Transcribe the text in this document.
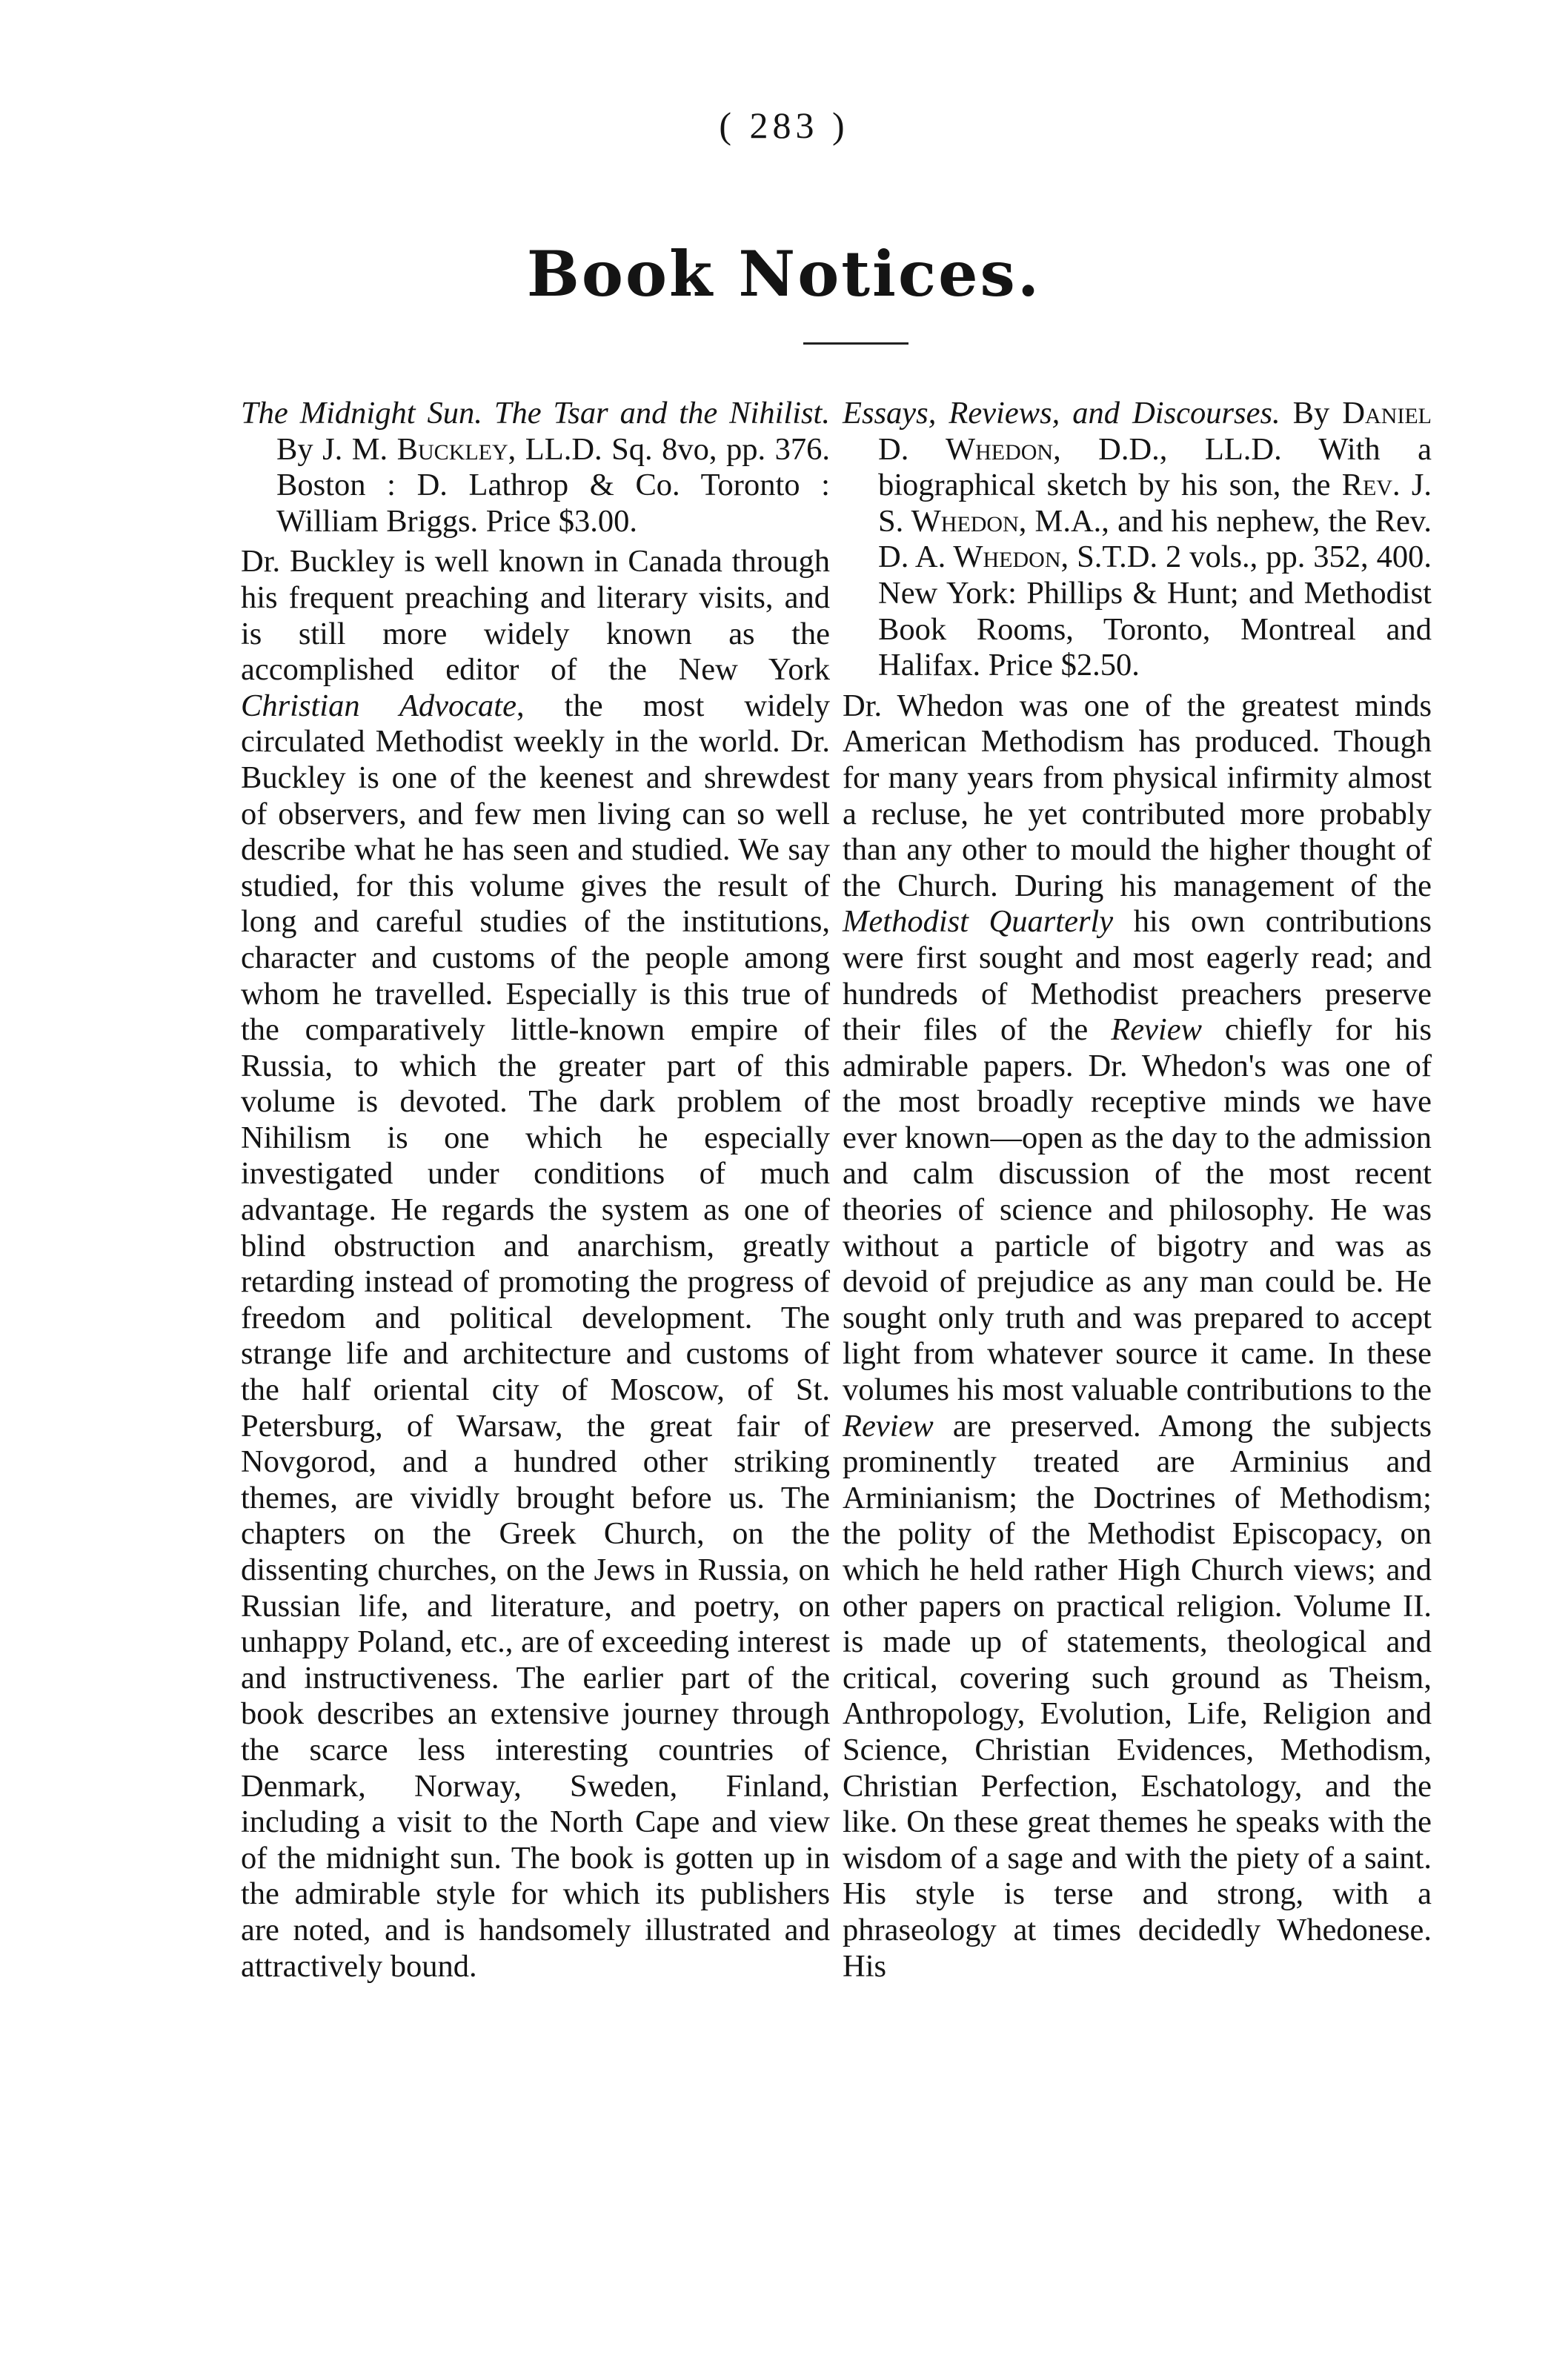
( 283 )
Book Notices.

The Midnight Sun. The Tsar and the Nihilist. By J. M. Buckley, LL.D. Sq. 8vo, pp. 376. Boston : D. Lathrop & Co. Toronto : William Briggs. Price $3.00.

Dr. Buckley is well known in Canada through his frequent preaching and literary visits, and is still more widely known as the accomplished editor of the New York Christian Advocate, the most widely circulated Methodist weekly in the world. Dr. Buckley is one of the keenest and shrewdest of observers, and few men living can so well describe what he has seen and studied. We say studied, for this volume gives the result of long and careful studies of the institutions, character and customs of the people among whom he travelled. Especially is this true of the comparatively little-known empire of Russia, to which the greater part of this volume is devoted. The dark problem of Nihilism is one which he especially investigated under conditions of much advantage. He regards the system as one of blind obstruction and anarchism, greatly retarding instead of promoting the progress of freedom and political development. The strange life and architecture and customs of the half oriental city of Moscow, of St. Petersburg, of Warsaw, the great fair of Novgorod, and a hundred other striking themes, are vividly brought before us. The chapters on the Greek Church, on the dissenting churches, on the Jews in Russia, on Russian life, and literature, and poetry, on unhappy Poland, etc., are of exceeding interest and instructiveness. The earlier part of the book describes an extensive journey through the scarce less interesting countries of Denmark, Norway, Sweden, Finland, including a visit to the North Cape and view of the midnight sun. The book is gotten up in the admirable style for which its publishers are noted, and is handsomely illustrated and attractively bound.

Essays, Reviews, and Discourses. By Daniel D. Whedon, D.D., LL.D. With a biographical sketch by his son, the Rev. J. S. Whedon, M.A., and his nephew, the Rev. D. A. Whedon, S.T.D. 2 vols., pp. 352, 400. New York: Phillips & Hunt; and Methodist Book Rooms, Toronto, Montreal and Halifax. Price $2.50.

Dr. Whedon was one of the greatest minds American Methodism has produced. Though for many years from physical infirmity almost a recluse, he yet contributed more probably than any other to mould the higher thought of the Church. During his management of the Methodist Quarterly his own contributions were first sought and most eagerly read; and hundreds of Methodist preachers preserve their files of the Review chiefly for his admirable papers. Dr. Whedon's was one of the most broadly receptive minds we have ever known—open as the day to the admission and calm discussion of the most recent theories of science and philosophy. He was without a particle of bigotry and was as devoid of prejudice as any man could be. He sought only truth and was prepared to accept light from whatever source it came. In these volumes his most valuable contributions to the Review are preserved. Among the subjects prominently treated are Arminius and Arminianism; the Doctrines of Methodism; the polity of the Methodist Episcopacy, on which he held rather High Church views; and other papers on practical religion. Volume II. is made up of statements, theological and critical, covering such ground as Theism, Anthropology, Evolution, Life, Religion and Science, Christian Evidences, Methodism, Christian Perfection, Eschatology, and the like. On these great themes he speaks with the wisdom of a sage and with the piety of a saint. His style is terse and strong, with a phraseology at times decidedly Whedonese. His
